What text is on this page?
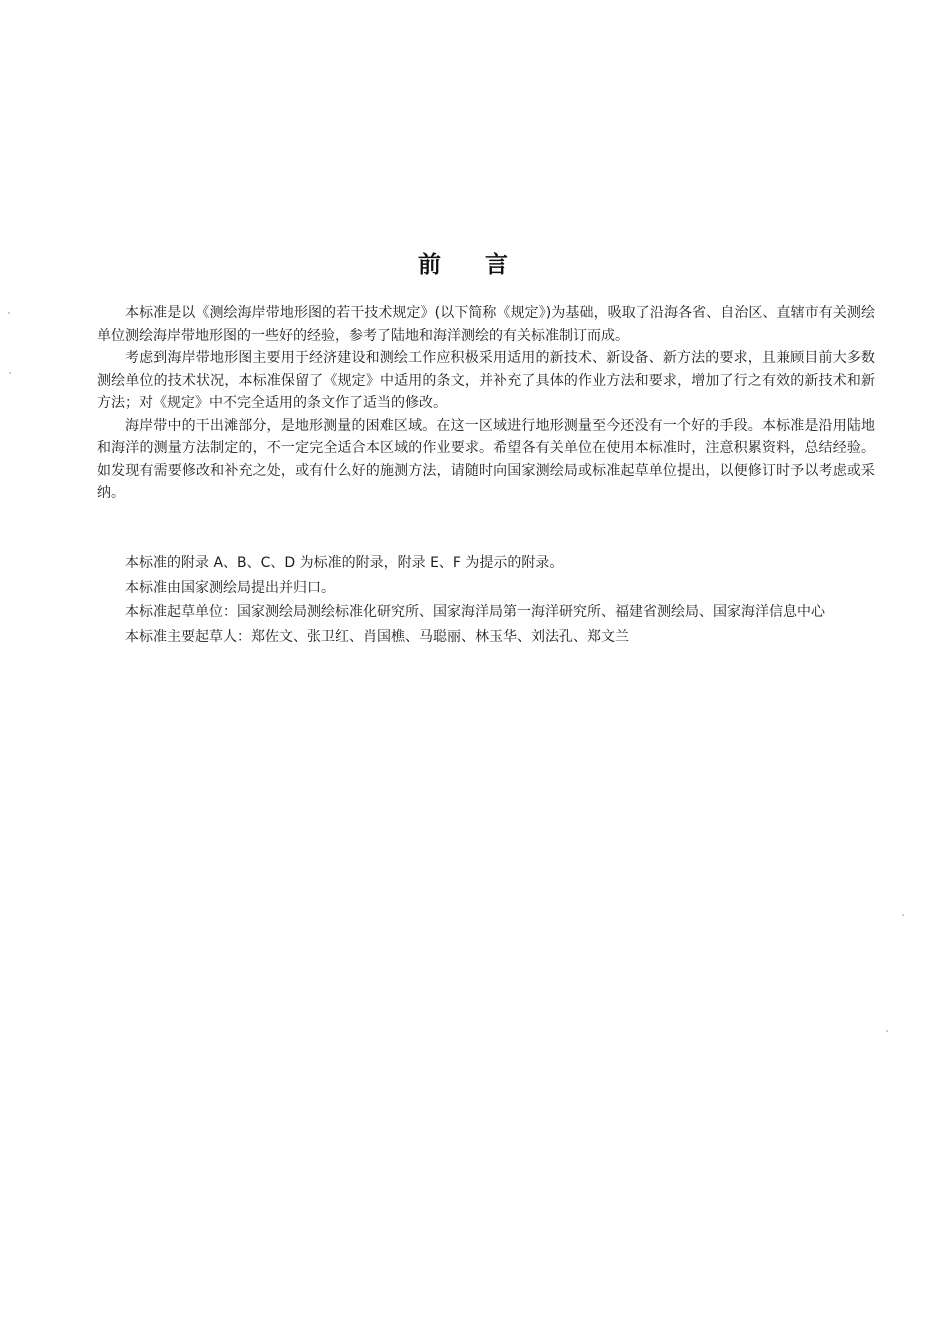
前言

本标准是以《测绘海岸带地形图的若干技术规定》(以下简称《规定》)为基础，吸取了沿海各省、自治区、直辖市有关测绘单位测绘海岸带地形图的一些好的经验，参考了陆地和海洋测绘的有关标准制订而成。

考虑到海岸带地形图主要用于经济建设和测绘工作应积极采用适用的新技术、新设备、新方法的要求，且兼顾目前大多数测绘单位的技术状况，本标准保留了《规定》中适用的条文，并补充了具体的作业方法和要求，增加了行之有效的新技术和新方法；对《规定》中不完全适用的条文作了适当的修改。

海岸带中的干出滩部分，是地形测量的困难区域。在这一区域进行地形测量至今还没有一个好的手段。本标准是沿用陆地和海洋的测量方法制定的，不一定完全适合本区域的作业要求。希望各有关单位在使用本标准时，注意积累资料，总结经验。如发现有需要修改和补充之处，或有什么好的施测方法，请随时向国家测绘局或标准起草单位提出，以便修订时予以考虑或采纳。

本标准的附录 A、B、C、D 为标准的附录，附录 E、F 为提示的附录。

本标准由国家测绘局提出并归口。

本标准起草单位： 国家测绘局测绘标准化研究所、国家海洋局第一海洋研究所、福建省测绘局、国家海洋信息中心

本标准主要起草人：郑佐文、张卫红、肖国樵、马聪丽、林玉华、刘法孔、郑文兰
